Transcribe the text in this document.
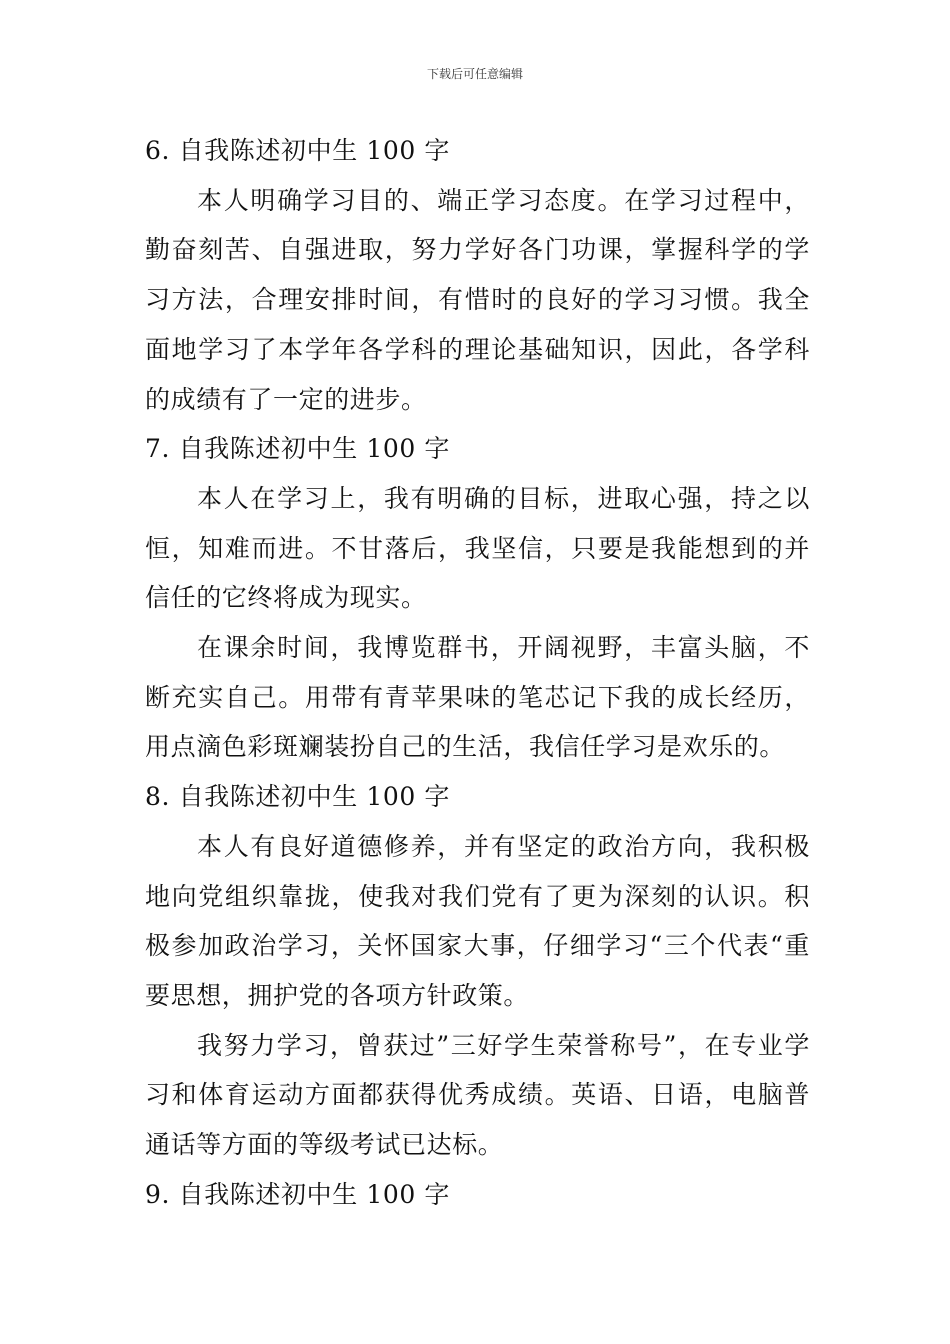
下载后可任意编辑

6. 自我陈述初中生 100 字

本人明确学习目的、端正学习态度。在学习过程中，勤奋刻苦、自强进取，努力学好各门功课，掌握科学的学习方法，合理安排时间，有惜时的良好的学习习惯。我全面地学习了本学年各学科的理论基础知识，因此，各学科的成绩有了一定的进步。

7. 自我陈述初中生 100 字

本人在学习上，我有明确的目标，进取心强，持之以恒，知难而进。不甘落后，我坚信，只要是我能想到的并信任的它终将成为现实。

在课余时间，我博览群书，开阔视野，丰富头脑，不断充实自己。用带有青苹果味的笔芯记下我的成长经历，用点滴色彩斑斓装扮自己的生活，我信任学习是欢乐的。

8. 自我陈述初中生 100 字

本人有良好道德修养，并有坚定的政治方向，我积极地向党组织靠拢，使我对我们党有了更为深刻的认识。积极参加政治学习，关怀国家大事，仔细学习“三个代表“重要思想，拥护党的各项方针政策。

我努力学习，曾获过”三好学生荣誉称号”，在专业学习和体育运动方面都获得优秀成绩。英语、日语，电脑普通话等方面的等级考试已达标。

9. 自我陈述初中生 100 字
